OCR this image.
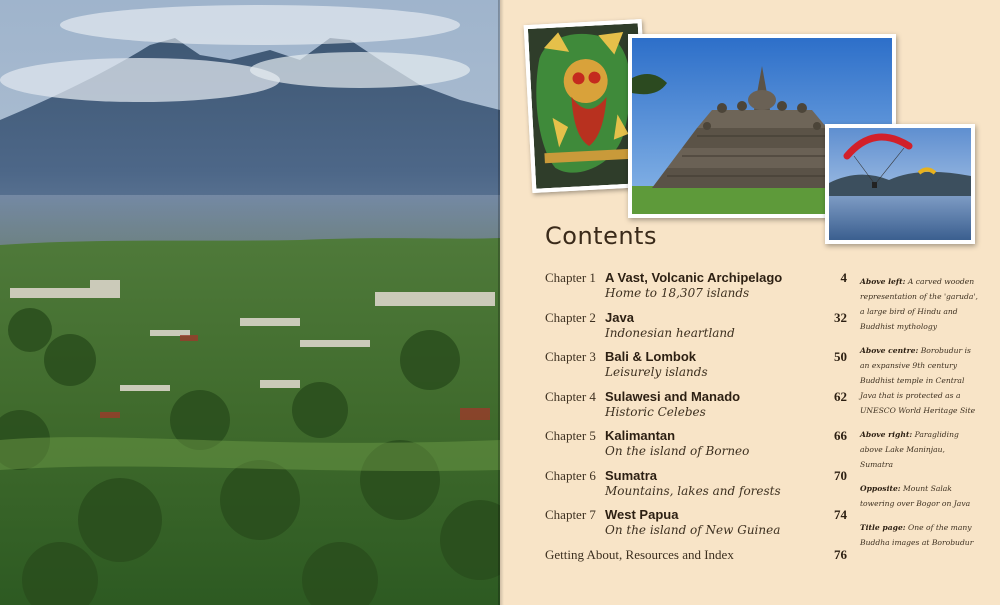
Contents
Chapter 1 A Vast, Volcanic Archipelago
Home to 18,307 islands
4
Chapter 2 Java
Indonesian heartland
32
Chapter 3 Bali & Lombok
Leisurely islands
50
Chapter 4 Sulawesi and Manado
Historic Celebes
62
Chapter 5 Kalimantan
On the island of Borneo
66
Chapter 6 Sumatra
Mountains, lakes and forests
70
Chapter 7 West Papua
On the island of New Guinea
74
Getting About, Resources and Index	76
Above left: A carved wooden representation of the 'garuda', a large bird of Hindu and Buddhist mythology
Above centre: Borobudur is an expansive 9th century Buddhist temple in Central Java that is protected as a UNESCO World Heritage Site
Above right: Paragliding above Lake Maninjau, Sumatra
Opposite: Mount Salak towering over Bogor on Java
Title page: One of the many Buddha images at Borobudur
